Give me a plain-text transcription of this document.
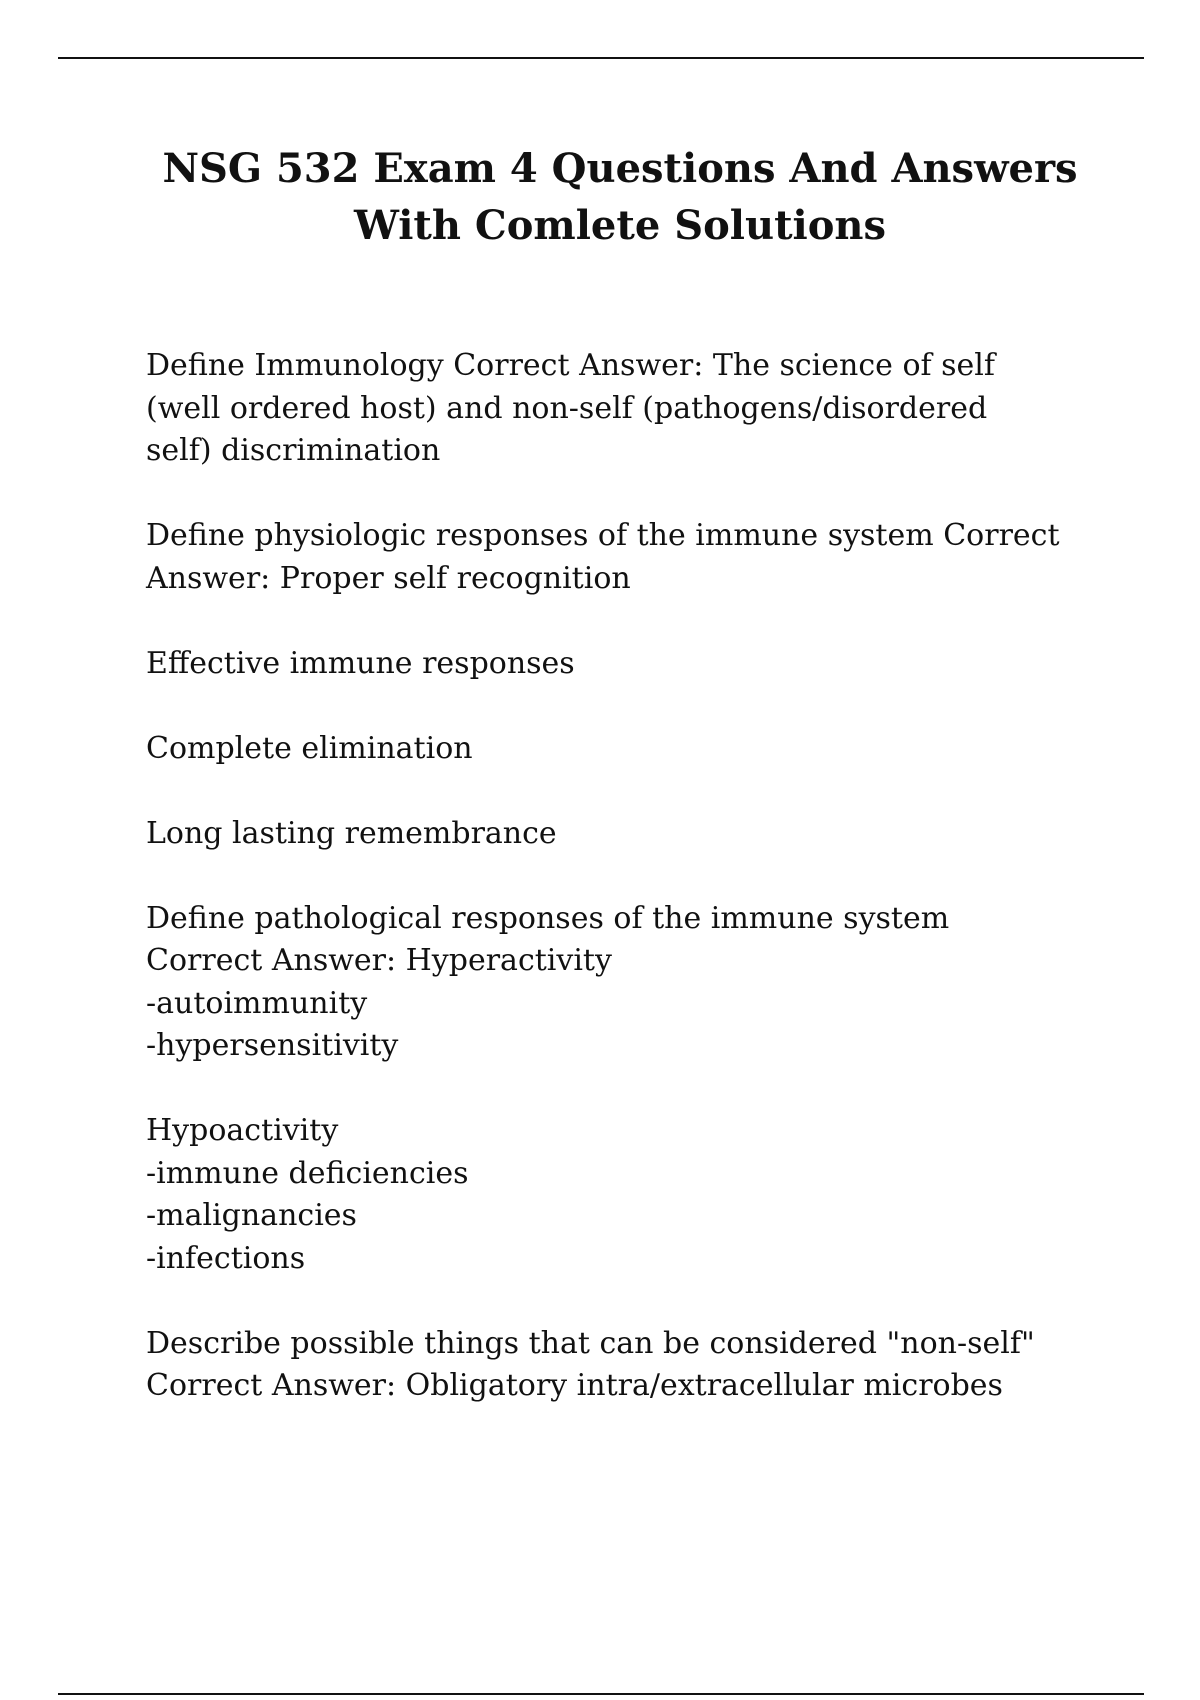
NSG 532 Exam 4 Questions And Answers
With Comlete Solutions

Define Immunology Correct Answer: The science of self
(well ordered host) and non-self (pathogens/disordered
self) discrimination

Define physiologic responses of the immune system Correct
Answer: Proper self recognition

Effective immune responses

Complete elimination

Long lasting remembrance

Define pathological responses of the immune system
Correct Answer: Hyperactivity
-autoimmunity
-hypersensitivity

Hypoactivity
-immune deficiencies
-malignancies
-infections

Describe possible things that can be considered "non-self"
Correct Answer: Obligatory intra/extracellular microbes
